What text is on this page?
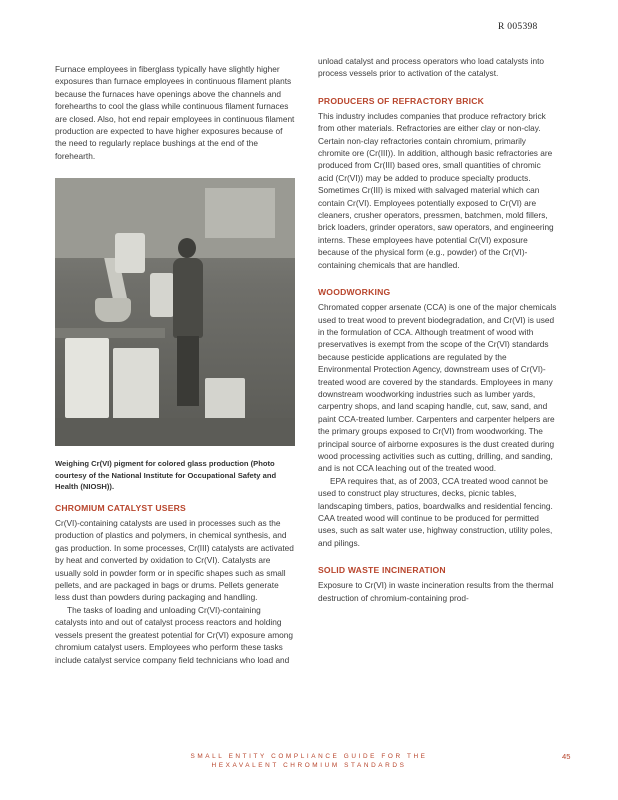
R 005398

Furnace employees in fiberglass typically have slightly higher exposures than furnace employees in continuous filament plants because the furnaces have openings above the channels and forehearths to cool the glass while continuous filament furnaces are closed. Also, hot end repair employees in continuous filament production are expected to have higher exposures because of the need to regularly replace bushings at the end of the forehearth.

Weighing Cr(VI) pigment for colored glass production (Photo courtesy of the National Institute for Occupational Safety and Health (NIOSH)).
CHROMIUM CATALYST USERS

Cr(VI)-containing catalysts are used in processes such as the production of plastics and polymers, in chemical synthesis, and gas production. In some processes, Cr(III) catalysts are activated by heat and converted by oxidation to Cr(VI). Catalysts are usually sold in powder form or in specific shapes such as small pellets, and are packaged in bags or drums. Pellets generate less dust than powders during packaging and handling.

The tasks of loading and unloading Cr(VI)-containing catalysts into and out of catalyst process reactors and holding vessels present the greatest potential for Cr(VI) exposure among chromium catalyst users. Employees who perform these tasks include catalyst service company field technicians who load and

unload catalyst and process operators who load catalysts into process vessels prior to activation of the catalyst.

PRODUCERS OF REFRACTORY BRICK

This industry includes companies that produce refractory brick from other materials. Refractories are either clay or non-clay. Certain non-clay refractories contain chromium, primarily chromite ore (Cr(III)). In addition, although basic refractories are produced from Cr(III) based ores, small quantities of chromic acid (Cr(VI)) may be added to produce specialty products. Sometimes Cr(III) is mixed with salvaged material which can contain Cr(VI). Employees potentially exposed to Cr(VI) are cleaners, crusher operators, pressmen, batchmen, mold fillers, brick loaders, grinder operators, saw operators, and engineering interns. These employees have potential Cr(VI) exposure because of the physical form (e.g., powder) of the Cr(VI)-containing chemicals that are handled.

WOODWORKING

Chromated copper arsenate (CCA) is one of the major chemicals used to treat wood to prevent biodegradation, and Cr(VI) is used in the formulation of CCA. Although treatment of wood with preservatives is exempt from the scope of the Cr(VI) standards because pesticide applications are regulated by the Environmental Protection Agency, downstream uses of Cr(VI)-treated wood are covered by the standards. Employees in many downstream woodworking industries such as lumber yards, carpentry shops, and land scaping handle, cut, saw, sand, and paint CCA-treated lumber. Carpenters and carpenter helpers are the primary groups exposed to Cr(VI) from woodworking. The principal source of airborne exposures is the dust created during wood processing activities such as cutting, drilling, and sanding, and is not CCA leaching out of the treated wood.

EPA requires that, as of 2003, CCA treated wood cannot be used to construct play structures, decks, picnic tables, landscaping timbers, patios, boardwalks and residential fencing. CAA treated wood will continue to be produced for permitted uses, such as salt water use, highway construction, utility poles, and pilings.

SOLID WASTE INCINERATION

Exposure to Cr(VI) in waste incineration results from the thermal destruction of chromium-containing prod-

SMALL ENTITY COMPLIANCE GUIDE FOR THE
HEXAVALENT CHROMIUM STANDARDS
45
